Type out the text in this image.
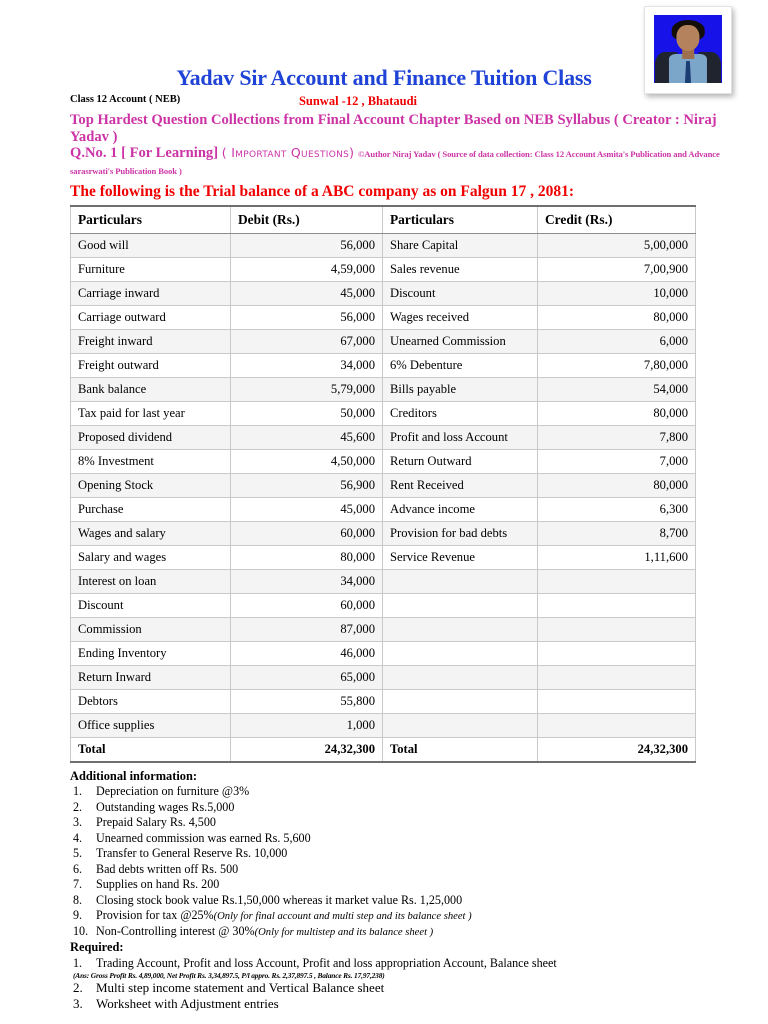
Yadav Sir Account and Finance Tuition Class
Class 12 Account ( NEB)	Sunwal -12 , Bhataudi
Top Hardest Question Collections from Final Account Chapter Based on NEB Syllabus ( Creator : Niraj Yadav )
Q.No. 1 [ For Learning] ( Important Questions) ©Author Niraj Yadav ( Source of data collection: Class 12 Account Asmita's Publication and Advance sarasrwati's Publication Book )
The following is the Trial balance of a ABC company as on Falgun 17 , 2081:
Particulars	Debit (Rs.)	Particulars	Credit (Rs.)
Good will	56,000	Share Capital	5,00,000
Furniture	4,59,000	Sales revenue	7,00,900
Carriage inward	45,000	Discount	10,000
Carriage outward	56,000	Wages received	80,000
Freight inward	67,000	Unearned Commission	6,000
Freight outward	34,000	6% Debenture	7,80,000
Bank balance	5,79,000	Bills payable	54,000
Tax paid for last year	50,000	Creditors	80,000
Proposed dividend	45,600	Profit and loss Account	7,800
8% Investment	4,50,000	Return Outward	7,000
Opening Stock	56,900	Rent Received	80,000
Purchase	45,000	Advance income	6,300
Wages and salary	60,000	Provision for bad debts	8,700
Salary and wages	80,000	Service Revenue	1,11,600
Interest on loan	34,000		
Discount	60,000		
Commission	87,000		
Ending Inventory	46,000		
Return Inward	65,000		
Debtors	55,800		
Office supplies	1,000		
Total	24,32,300	Total	24,32,300
Additional information:
1.	Depreciation on furniture @3%
2.	Outstanding wages Rs.5,000
3.	Prepaid Salary Rs. 4,500
4.	Unearned commission was earned Rs. 5,600
5.	Transfer to General Reserve Rs. 10,000
6.	Bad debts written off Rs. 500
7.	Supplies on hand Rs. 200
8.	Closing stock book value Rs.1,50,000 whereas it market value Rs. 1,25,000
9.	Provision for tax @25% (Only for final account and multi step and its balance sheet )
10. Non-Controlling interest @ 30% (Only for multistep and its balance sheet )
Required:
1.	Trading Account, Profit and loss Account, Profit and loss appropriation Account, Balance sheet
(Ans: Gross Profit Rs. 4,89,000, Net Profit Rs. 3,34,897.5, P/l appro. Rs. 2,37,897.5 , Balance Rs. 17,97,238)
2.	Multi step income statement and Vertical Balance sheet
3.	Worksheet with Adjustment entries
